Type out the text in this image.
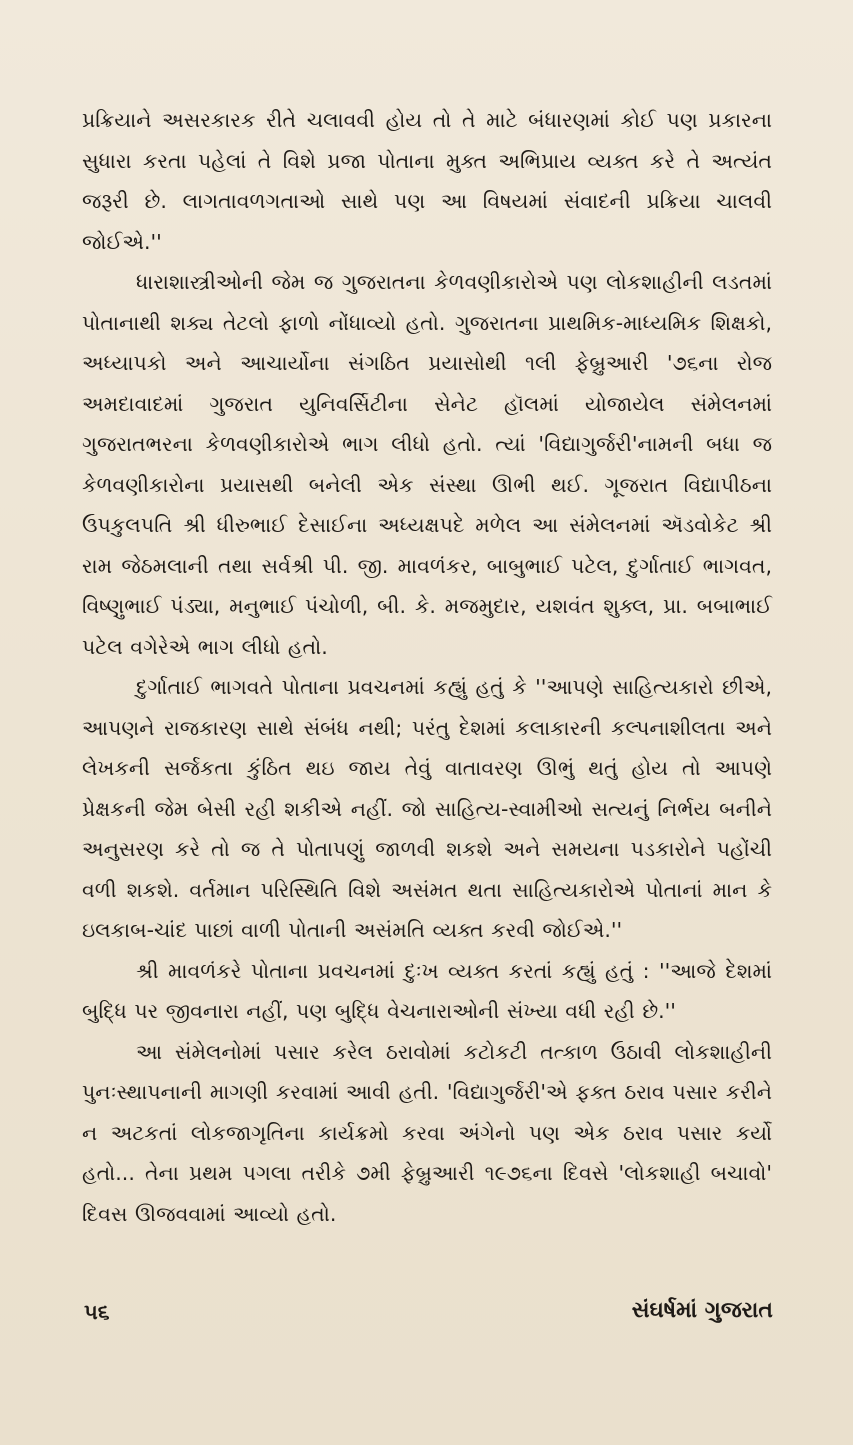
પ્રક્રિયાને અસરકારક રીતે ચલાવવી હોય તો તે માટે બંધારણમાં કોઈ પણ પ્રકારના સુધારા કરતા પહેલાં તે વિશે પ્રજા પોતાના મુક્ત અભિપ્રાય વ્યક્ત કરે તે અત્યંત જરૂરી છે. લાગતાવળગતાઓ સાથે પણ આ વિષયમાં સંવાદની પ્રક્રિયા ચાલવી જોઈએ.''

ધારાશાસ્ત્રીઓની જેમ જ ગુજરાતના કેળવણીકારોએ પણ લોકશાહીની લડતમાં પોતાનાથી શક્ય તેટલો ફાળો નોંધાવ્યો હતો. ગુજરાતના પ્રાથમિક-માધ્યમિક શિક્ષકો, અધ્યાપકો અને આચાર્યોના સંગઠિત પ્રયાસોથી ૧લી ફેબ્રુઆરી '૭૬ના રોજ અમદાવાદમાં ગુજરાત યુનિવર્સિટીના સેનેટ હૉલમાં યોજાયેલ સંમેલનમાં ગુજરાતભરના કેળવણીકારોએ ભાગ લીધો હતો. ત્યાં 'વિદ્યાગુર્જરી'નામની બધા જ કેળવણીકારોના પ્રયાસથી બનેલી એક સંસ્થા ઊભી થઈ. ગૂજરાત વિદ્યાપીઠના ઉપકુલપતિ શ્રી ધીરુભાઈ દેસાઈના અધ્યક્ષપદે મળેલ આ સંમેલનમાં ઍડવોકેટ શ્રી રામ જેઠમલાની તથા સર્વશ્રી પી. જી. માવળંકર, બાબુભાઈ પટેલ, દુર્ગાતાઈ ભાગવત, વિષ્ણુભાઈ પંડ્યા, મનુભાઈ પંચોળી, બી. કે. મજમુદાર, યશવંત શુક્લ, પ્રા. બબાભાઈ પટેલ વગેરેએ ભાગ લીધો હતો.

દુર્ગાતાઈ ભાગવતે પોતાના પ્રવચનમાં કહ્યું હતું કે ''આપણે સાહિત્યકારો છીએ, આપણને રાજકારણ સાથે સંબંધ નથી; પરંતુ દેશમાં કલાકારની કલ્પનાશીલતા અને લેખકની સર્જકતા કુંઠિત થઇ જાય તેવું વાતાવરણ ઊભું થતું હોય તો આપણે પ્રેક્ષકની જેમ બેસી રહી શકીએ નહીં. જો સાહિત્ય-સ્વામીઓ સત્યનું નિર્ભય બનીને અનુસરણ કરે તો જ તે પોતાપણું જાળવી શકશે અને સમયના પડકારોને પહોંચી વળી શકશે. વર્તમાન પરિસ્થિતિ વિશે અસંમત થતા સાહિત્યકારોએ પોતાનાં માન કે ઇલકાબ-ચાંદ પાછાં વાળી પોતાની અસંમતિ વ્યક્ત કરવી જોઈએ.''

શ્રી માવળંકરે પોતાના પ્રવચનમાં દુઃખ વ્યક્ત કરતાં કહ્યું હતું : ''આજે દેશમાં બુદ્ધિ પર જીવનારા નહીં, પણ બુદ્ધિ વેચનારાઓની સંખ્યા વધી રહી છે.''

આ સંમેલનોમાં પસાર કરેલ ઠરાવોમાં કટોકટી તત્કાળ ઉઠાવી લોકશાહીની પુનઃસ્થાપનાની માગણી કરવામાં આવી હતી. 'વિદ્યાગુર્જરી'એ ફક્ત ઠરાવ પસાર કરીને ન અટકતાં લોકજાગૃતિના કાર્યક્રમો કરવા અંગેનો પણ એક ઠરાવ પસાર કર્યો હતો... તેના પ્રથમ પગલા તરીકે ૭મી ફેબ્રુઆરી ૧૯૭૬ના દિવસે 'લોકશાહી બચાવો' દિવસ ઊજવવામાં આવ્યો હતો.

૫૬	સંઘર્ષમાં ગુજરાત
